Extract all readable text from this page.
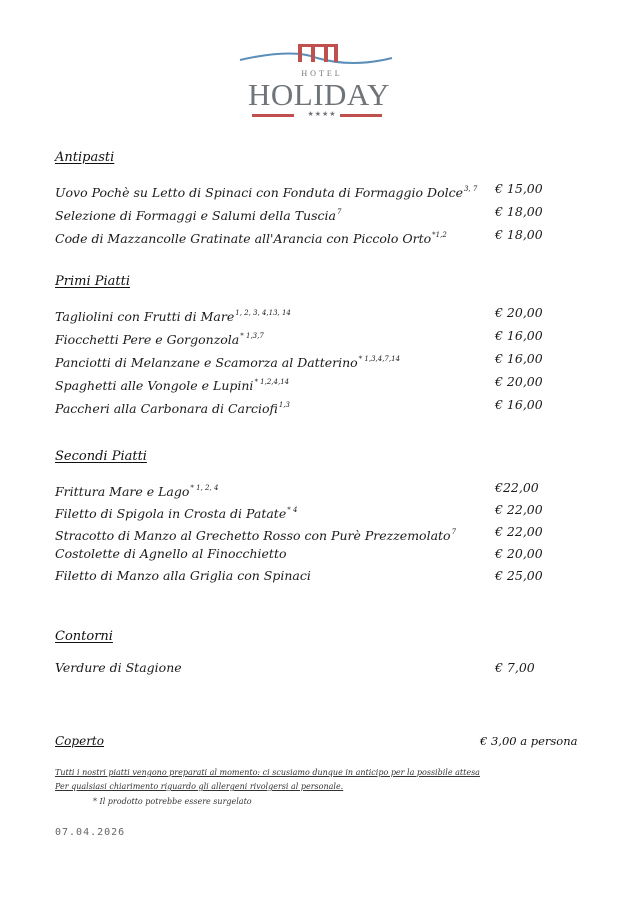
HOTEL
HOLIDAY
★★★★
Antipasti
Uovo Pochè su Letto di Spinaci con Fonduta di Formaggio Dolce$^{3, 7}$ € 15,00
Selezione di Formaggi e Salumi della Tuscia$^7$	€ 18,00
Code di Mazzancolle Gratinate all'Arancia con Piccolo Orto$^{*1,2}$	€ 18,00
Primi Piatti
Tagliolini con Frutti di Mare$^{1, 2, 3, 4,13, 14}$	€ 20,00
Fiocchetti Pere e Gorgonzola$^{* 1,3,7}$	€ 16,00
Panciotti di Melanzane e Scamorza al Datterino$^{* 1,3,4,7,14}$	€ 16,00
Spaghetti alle Vongole e Lupini$^{* 1,2,4,14}$	€ 20,00
Paccheri alla Carbonara di Carciofi$^{1,3}$	€ 16,00
Secondi Piatti
Frittura Mare e Lago$^{* 1, 2, 4}$	€22,00
Filetto di Spigola in Crosta di Patate$^{* 4}$	€ 22,00
Stracotto di Manzo al Grechetto Rosso con Purè Prezzemolato$^7$	€ 22,00
Costolette di Agnello al Finocchietto	€ 20,00
Filetto di Manzo alla Griglia con Spinaci	€ 25,00
Contorni
Verdure di Stagione	€ 7,00
Coperto	€ 3,00 a persona
Tutti i nostri piatti vengono preparati al momento: ci scusiamo dunque in anticipo per la possibile attesa
Per qualsiasi chiarimento riguardo gli allergeni rivolgersi al personale.
* Il prodotto potrebbe essere surgelato
07.04.2026
